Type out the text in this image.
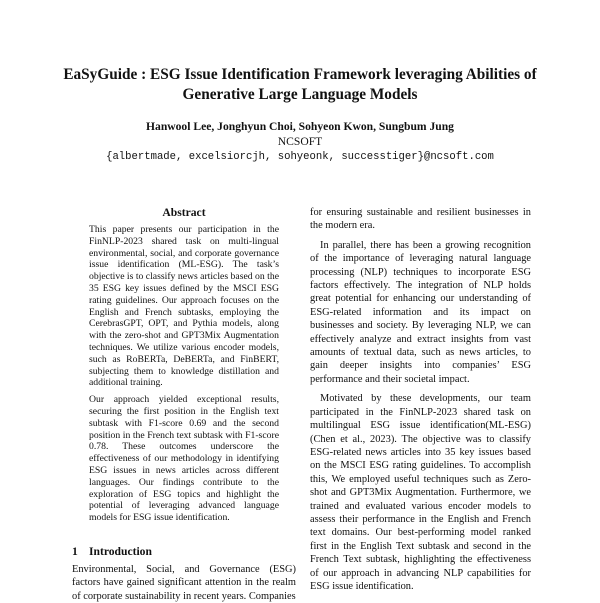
EaSyGuide : ESG Issue Identification Framework leveraging Abilities of Generative Large Language Models
Hanwool Lee, Jonghyun Choi, Sohyeon Kwon, Sungbum Jung
NCSOFT
{albertmade, excelsiorcjh, sohyeonk, successtiger}@ncsoft.com
Abstract

This paper presents our participation in the FinNLP-2023 shared task on multi-lingual environmental, social, and corporate governance issue identification (ML-ESG). The task’s objective is to classify news articles based on the 35 ESG key issues defined by the MSCI ESG rating guidelines. Our approach focuses on the English and French subtasks, employing the CerebrasGPT, OPT, and Pythia models, along with the zero-shot and GPT3Mix Augmentation techniques. We utilize various encoder models, such as RoBERTa, DeBERTa, and FinBERT, subjecting them to knowledge distillation and additional training.

Our approach yielded exceptional results, securing the first position in the English text subtask with F1-score 0.69 and the second position in the French text subtask with F1-score 0.78. These outcomes underscore the effectiveness of our methodology in identifying ESG issues in news articles across different languages. Our findings contribute to the exploration of ESG topics and highlight the potential of leveraging advanced language models for ESG issue identification.

1 Introduction

Environmental, Social, and Governance (ESG) factors have gained significant attention in the realm of corporate sustainability in recent years. Companies

for ensuring sustainable and resilient businesses in the modern era.

In parallel, there has been a growing recognition of the importance of leveraging natural language processing (NLP) techniques to incorporate ESG factors effectively. The integration of NLP holds great potential for enhancing our understanding of ESG-related information and its impact on businesses and society. By leveraging NLP, we can effectively analyze and extract insights from vast amounts of textual data, such as news articles, to gain deeper insights into companies’ ESG performance and their societal impact.

Motivated by these developments, our team participated in the FinNLP-2023 shared task on multilingual ESG issue identification(ML-ESG)(Chen et al., 2023). The objective was to classify ESG-related news articles into 35 key issues based on the MSCI ESG rating guidelines. To accomplish this, We employed useful techniques such as Zero-shot and GPT3Mix Augmentation. Furthermore, we trained and evaluated various encoder models to assess their performance in the English and French text domains. Our best-performing model ranked first in the English Text subtask and second in the French Text subtask, highlighting the effectiveness of our approach in advancing NLP capabilities for ESG issue identification.
